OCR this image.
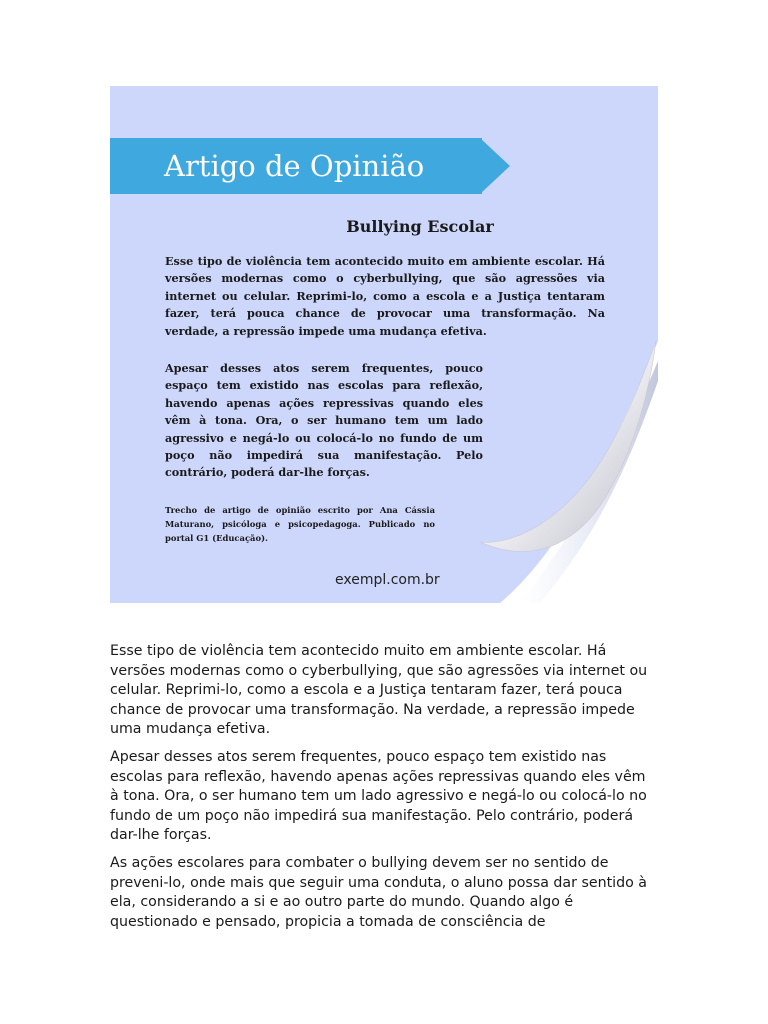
Artigo de Opinião
Bullying Escolar

Esse tipo de violência tem acontecido muito em ambiente escolar. Há versões modernas como o cyberbullying, que são agressões via internet ou celular. Reprimi-lo, como a escola e a Justiça tentaram fazer, terá pouca chance de provocar uma transformação. Na verdade, a repressão impede uma mudança efetiva.

Apesar desses atos serem frequentes, pouco espaço tem existido nas escolas para reflexão, havendo apenas ações repressivas quando eles vêm à tona. Ora, o ser humano tem um lado agressivo e negá-lo ou colocá-lo no fundo de um poço não impedirá sua manifestação. Pelo contrário, poderá dar-lhe forças.

Trecho de artigo de opinião escrito por Ana Cássia Maturano, psicóloga e psicopedagoga. Publicado no portal G1 (Educação).

exempl.com.br

Esse tipo de violência tem acontecido muito em ambiente escolar. Há versões modernas como o cyberbullying, que são agressões via internet ou celular. Reprimi-lo, como a escola e a Justiça tentaram fazer, terá pouca chance de provocar uma transformação. Na verdade, a repressão impede uma mudança efetiva.

Apesar desses atos serem frequentes, pouco espaço tem existido nas escolas para reflexão, havendo apenas ações repressivas quando eles vêm à tona. Ora, o ser humano tem um lado agressivo e negá-lo ou colocá-lo no fundo de um poço não impedirá sua manifestação. Pelo contrário, poderá dar-lhe forças.

As ações escolares para combater o bullying devem ser no sentido de preveni-lo, onde mais que seguir uma conduta, o aluno possa dar sentido à ela, considerando a si e ao outro parte do mundo. Quando algo é questionado e pensado, propicia a tomada de consciência de
